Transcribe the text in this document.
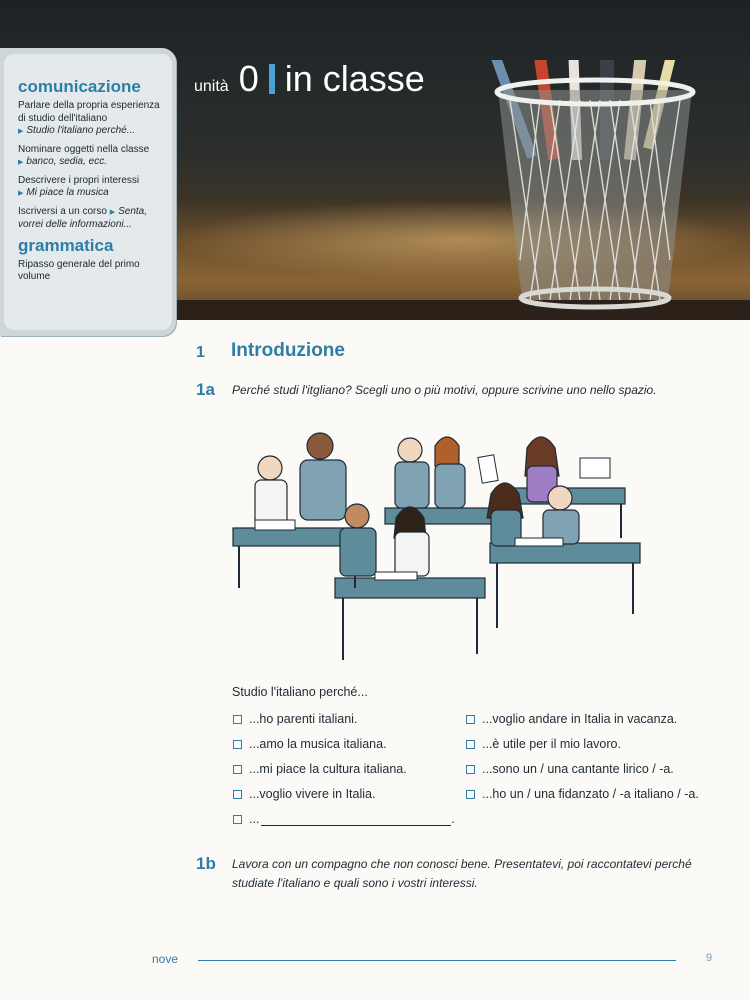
unità 0 in classe
comunicazione
Parlare della propria esperienza di studio dell'italiano
▶ Studio l'italiano perché...
Nominare oggetti nella classe
▶ banco, sedia, ecc.
Descrivere i propri interessi
▶ Mi piace la musica
Iscriversi a un corso ▶ Senta, vorrei delle informazioni...
grammatica
Ripasso generale del primo volume
1 Introduzione
1a Perché studi l'itgliano? Scegli uno o più motivi, oppure scrivine uno nello spazio.
Studio l'italiano perché...
...ho parenti italiani.
...amo la musica italiana.
...mi piace la cultura italiana.
...voglio vivere in Italia.
...	.
...voglio andare in Italia in vacanza.
...è utile per il mio lavoro.
...sono un / una cantante lirico / -a.
...ho un / una fidanzato / -a italiano / -a.
1b Lavora con un compagno che non conosci bene. Presentatevi, poi raccontatevi perché studiate l'italiano e quali sono i vostri interessi.
nove	9
